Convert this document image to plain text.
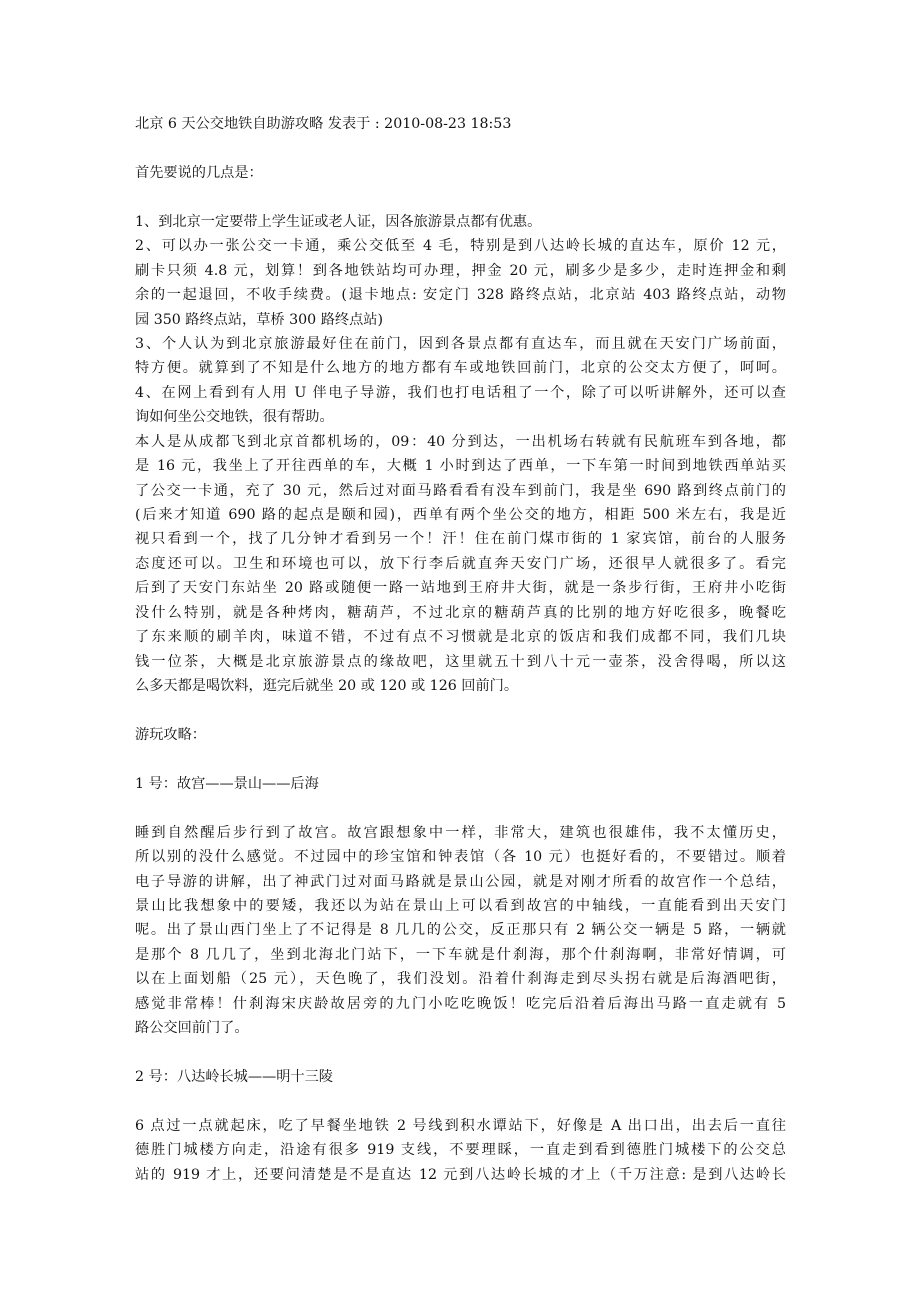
北京 6 天公交地铁自助游攻略 发表于 : 2010-08-23 18:53
首先要说的几点是：
1、到北京一定要带上学生证或老人证，因各旅游景点都有优惠。
2、可以办一张公交一卡通，乘公交低至 4 毛，特别是到八达岭长城的直达车，原价 12 元，
刷卡只须 4.8 元，划算！到各地铁站均可办理，押金 20 元，刷多少是多少，走时连押金和剩
余的一起退回，不收手续费。(退卡地点: 安定门 328 路终点站，北京站 403 路终点站，动物
园 350 路终点站，草桥 300 路终点站)
3、个人认为到北京旅游最好住在前门，因到各景点都有直达车，而且就在天安门广场前面，
特方便。就算到了不知是什么地方的地方都有车或地铁回前门，北京的公交太方便了，呵呵。
4、在网上看到有人用 U 伴电子导游，我们也打电话租了一个，除了可以听讲解外，还可以查
询如何坐公交地铁，很有帮助。
本人是从成都飞到北京首都机场的，09：40 分到达，一出机场右转就有民航班车到各地，都
是 16 元，我坐上了开往西单的车，大概 1 小时到达了西单，一下车第一时间到地铁西单站买
了公交一卡通，充了 30 元，然后过对面马路看看有没车到前门，我是坐 690 路到终点前门的
(后来才知道 690 路的起点是颐和园)，西单有两个坐公交的地方，相距 500 米左右，我是近
视只看到一个，找了几分钟才看到另一个！汗！住在前门煤市街的 1 家宾馆，前台的人服务
态度还可以。卫生和环境也可以，放下行李后就直奔天安门广场，还很早人就很多了。看完
后到了天安门东站坐 20 路或随便一路一站地到王府井大街，就是一条步行街，王府井小吃街
没什么特别，就是各种烤肉，糖葫芦，不过北京的糖葫芦真的比别的地方好吃很多，晚餐吃
了东来顺的刷羊肉，味道不错，不过有点不习惯就是北京的饭店和我们成都不同，我们几块
钱一位茶，大概是北京旅游景点的缘故吧，这里就五十到八十元一壶茶，没舍得喝，所以这
么多天都是喝饮料，逛完后就坐 20 或 120 或 126 回前门。
游玩攻略：
1 号：故宫——景山——后海
睡到自然醒后步行到了故宫。故宫跟想象中一样，非常大，建筑也很雄伟，我不太懂历史，
所以别的没什么感觉。不过园中的珍宝馆和钟表馆（各 10 元）也挺好看的，不要错过。顺着
电子导游的讲解，出了神武门过对面马路就是景山公园，就是对刚才所看的故宫作一个总结，
景山比我想象中的要矮，我还以为站在景山上可以看到故宫的中轴线，一直能看到出天安门
呢。出了景山西门坐上了不记得是 8 几几的公交，反正那只有 2 辆公交一辆是 5 路，一辆就
是那个 8 几几了，坐到北海北门站下，一下车就是什刹海，那个什刹海啊，非常好情调，可
以在上面划船（25 元），天色晚了，我们没划。沿着什刹海走到尽头拐右就是后海酒吧街，
感觉非常棒！什刹海宋庆龄故居旁的九门小吃吃晚饭！吃完后沿着后海出马路一直走就有 5
路公交回前门了。
2 号：八达岭长城——明十三陵
6 点过一点就起床，吃了早餐坐地铁 2 号线到积水谭站下，好像是 A 出口出，出去后一直往
德胜门城楼方向走，沿途有很多 919 支线，不要理睬，一直走到看到德胜门城楼下的公交总
站的 919 才上，还要问清楚是不是直达 12 元到八达岭长城的才上（千万注意: 是到八达岭长
